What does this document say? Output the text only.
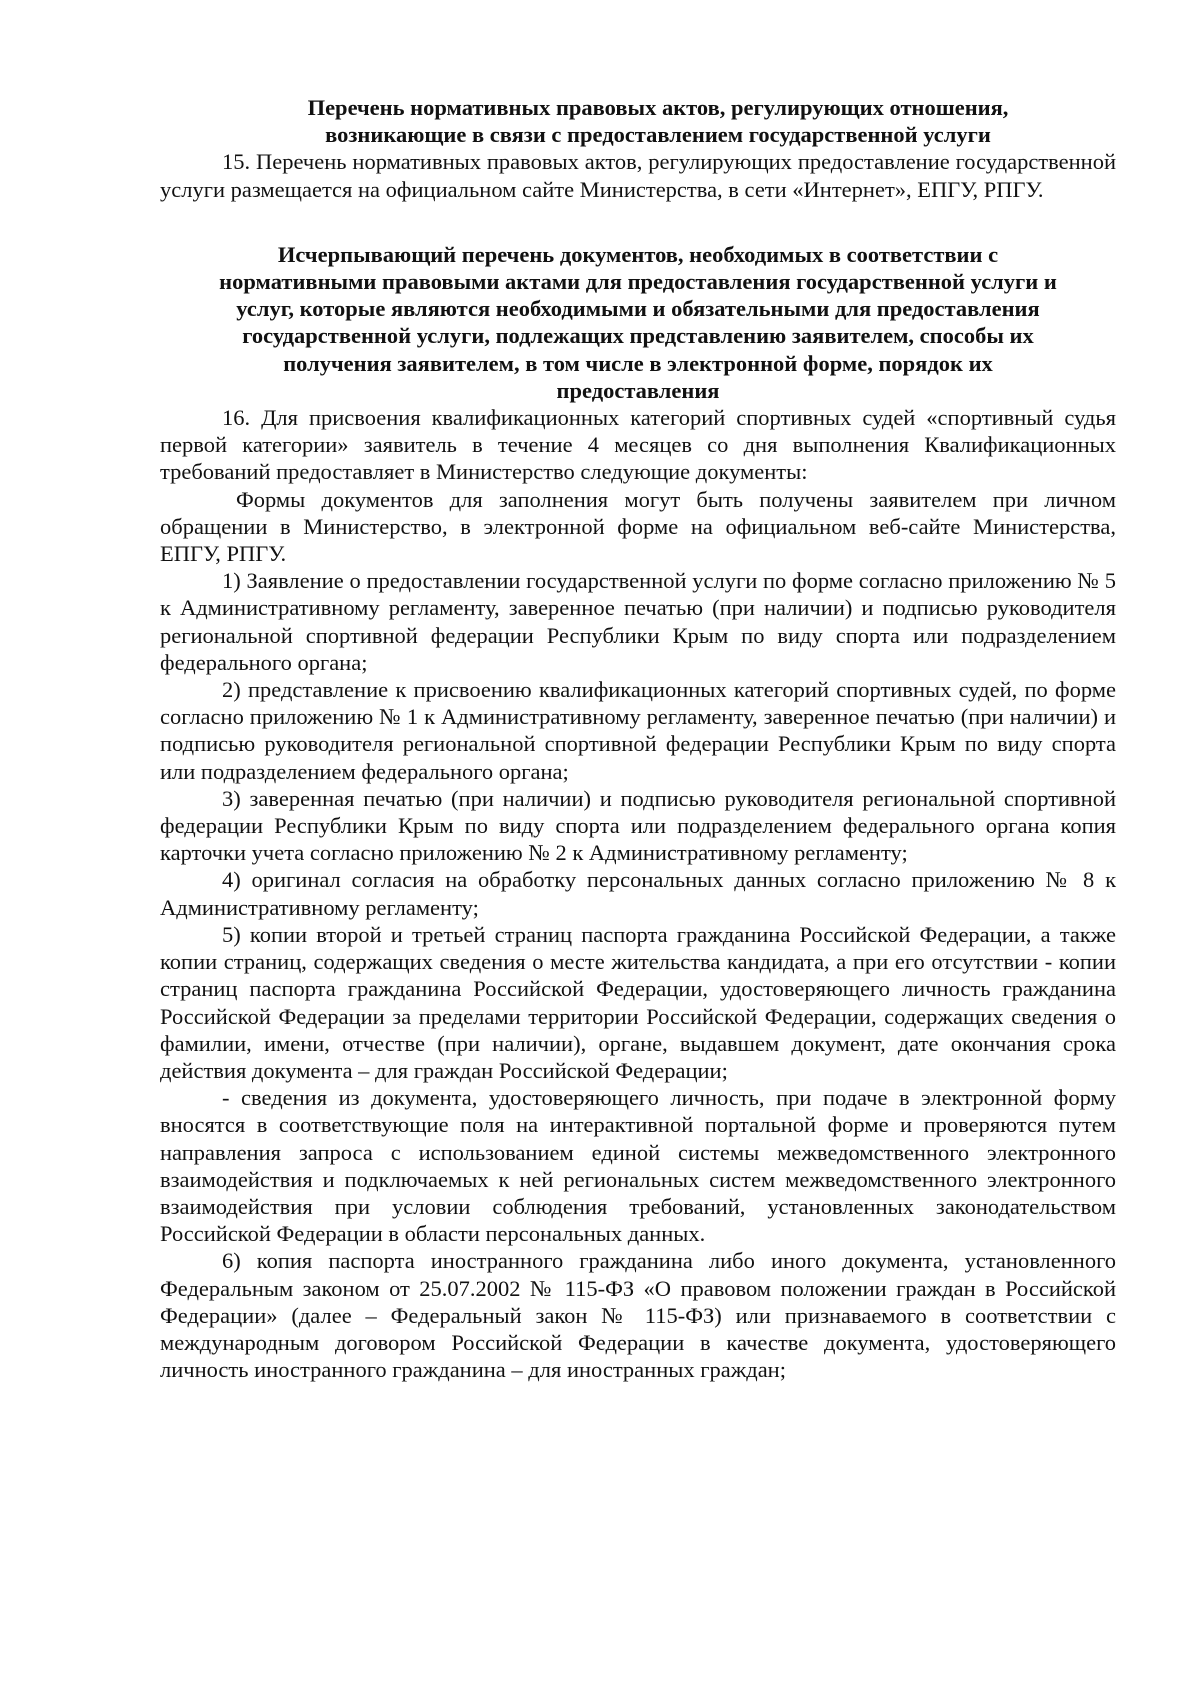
Перечень нормативных правовых актов, регулирующих отношения,
возникающие в связи с предоставлением государственной услуги

15. Перечень нормативных правовых актов, регулирующих предоставление государственной услуги размещается на официальном сайте Министерства, в сети «Интернет», ЕПГУ, РПГУ.

Исчерпывающий перечень документов, необходимых в соответствии с
нормативными правовыми актами для предоставления государственной услуги и
услуг, которые являются необходимыми и обязательными для предоставления
государственной услуги, подлежащих представлению заявителем, способы их
получения заявителем, в том числе в электронной форме, порядок их
предоставления

16. Для присвоения квалификационных категорий спортивных судей «спортивный судья первой категории» заявитель в течение 4 месяцев со дня выполнения Квалификационных требований предоставляет в Министерство следующие документы:

Формы документов для заполнения могут быть получены заявителем при личном обращении в Министерство, в электронной форме на официальном веб-сайте Министерства, ЕПГУ, РПГУ.

1) Заявление о предоставлении государственной услуги по форме согласно приложению № 5 к Административному регламенту, заверенное печатью (при наличии) и подписью руководителя региональной спортивной федерации Республики Крым по виду спорта или подразделением федерального органа;

2) представление к присвоению квалификационных категорий спортивных судей, по форме согласно приложению № 1 к Административному регламенту, заверенное печатью (при наличии) и подписью руководителя региональной спортивной федерации Республики Крым по виду спорта или подразделением федерального органа;

3) заверенная печатью (при наличии) и подписью руководителя региональной спортивной федерации Республики Крым по виду спорта или подразделением федерального органа копия карточки учета согласно приложению № 2 к Административному регламенту;

4) оригинал согласия на обработку персональных данных согласно приложению № 8 к Административному регламенту;

5) копии второй и третьей страниц паспорта гражданина Российской Федерации, а также копии страниц, содержащих сведения о месте жительства кандидата, а при его отсутствии - копии страниц паспорта гражданина Российской Федерации, удостоверяющего личность гражданина Российской Федерации за пределами территории Российской Федерации, содержащих сведения о фамилии, имени, отчестве (при наличии), органе, выдавшем документ, дате окончания срока действия документа – для граждан Российской Федерации;

- сведения из документа, удостоверяющего личность, при подаче в электронной форму вносятся в соответствующие поля на интерактивной портальной форме и проверяются путем направления запроса с использованием единой системы межведомственного электронного взаимодействия и подключаемых к ней региональных систем межведомственного электронного взаимодействия при условии соблюдения требований, установленных законодательством Российской Федерации в области персональных данных.

6) копия паспорта иностранного гражданина либо иного документа, установленного Федеральным законом от 25.07.2002 № 115-ФЗ «О правовом положении граждан в Российской Федерации» (далее – Федеральный закон № 115-ФЗ) или признаваемого в соответствии с международным договором Российской Федерации в качестве документа, удостоверяющего личность иностранного гражданина – для иностранных граждан;
